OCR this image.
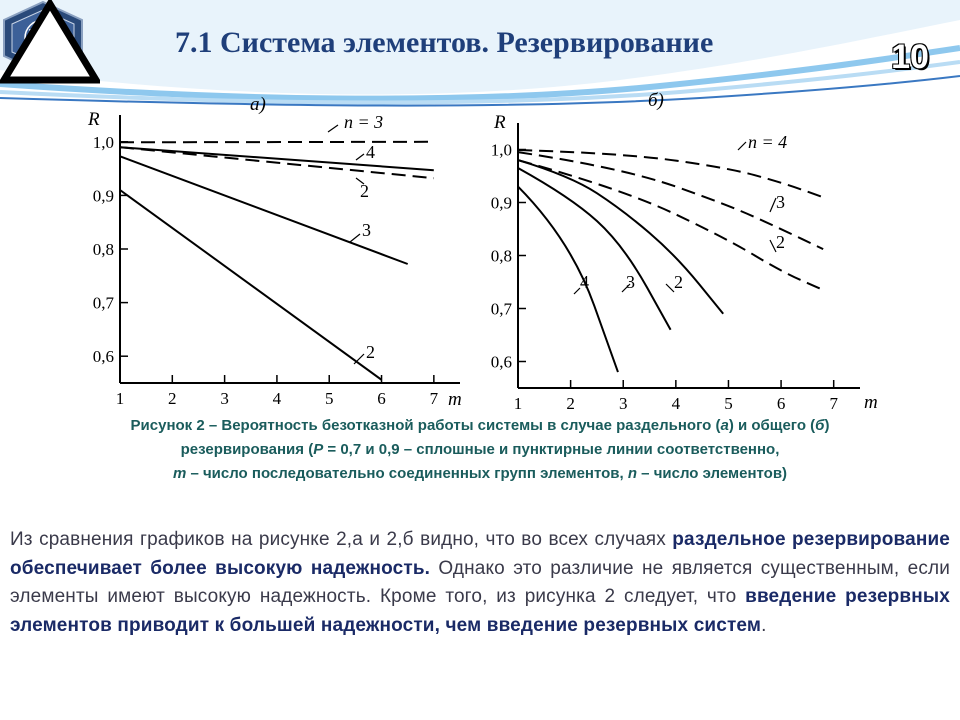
7.1 Система элементов. Резервирование	10
1,0
0,9
0,8
0,7
0,6
1	2	3	4	5	6	7
n = 3
4
2
3
2
а)
R
m
1,0
0,9
0,8
0,7
0,6
1	2	3	4	5	6	7
n = 4
3
2
2
3
4
б)
R
m
Рисунок 2 – Вероятность безотказной работы системы в случае раздельного (а) и общего (б)
резервирования (Р = 0,7 и 0,9 – сплошные и пунктирные линии соответственно,
m – число последовательно соединенных групп элементов, n – число элементов)
Из сравнения графиков на рисунке 2,а и 2,б видно, что во всех случаях раздельное резервирование обеспечивает более высокую надежность. Однако это различие не является существенным, если элементы имеют высокую надежность. Кроме того, из рисунка 2 следует, что введение резервных элементов приводит к большей надежности, чем введение резервных систем.
